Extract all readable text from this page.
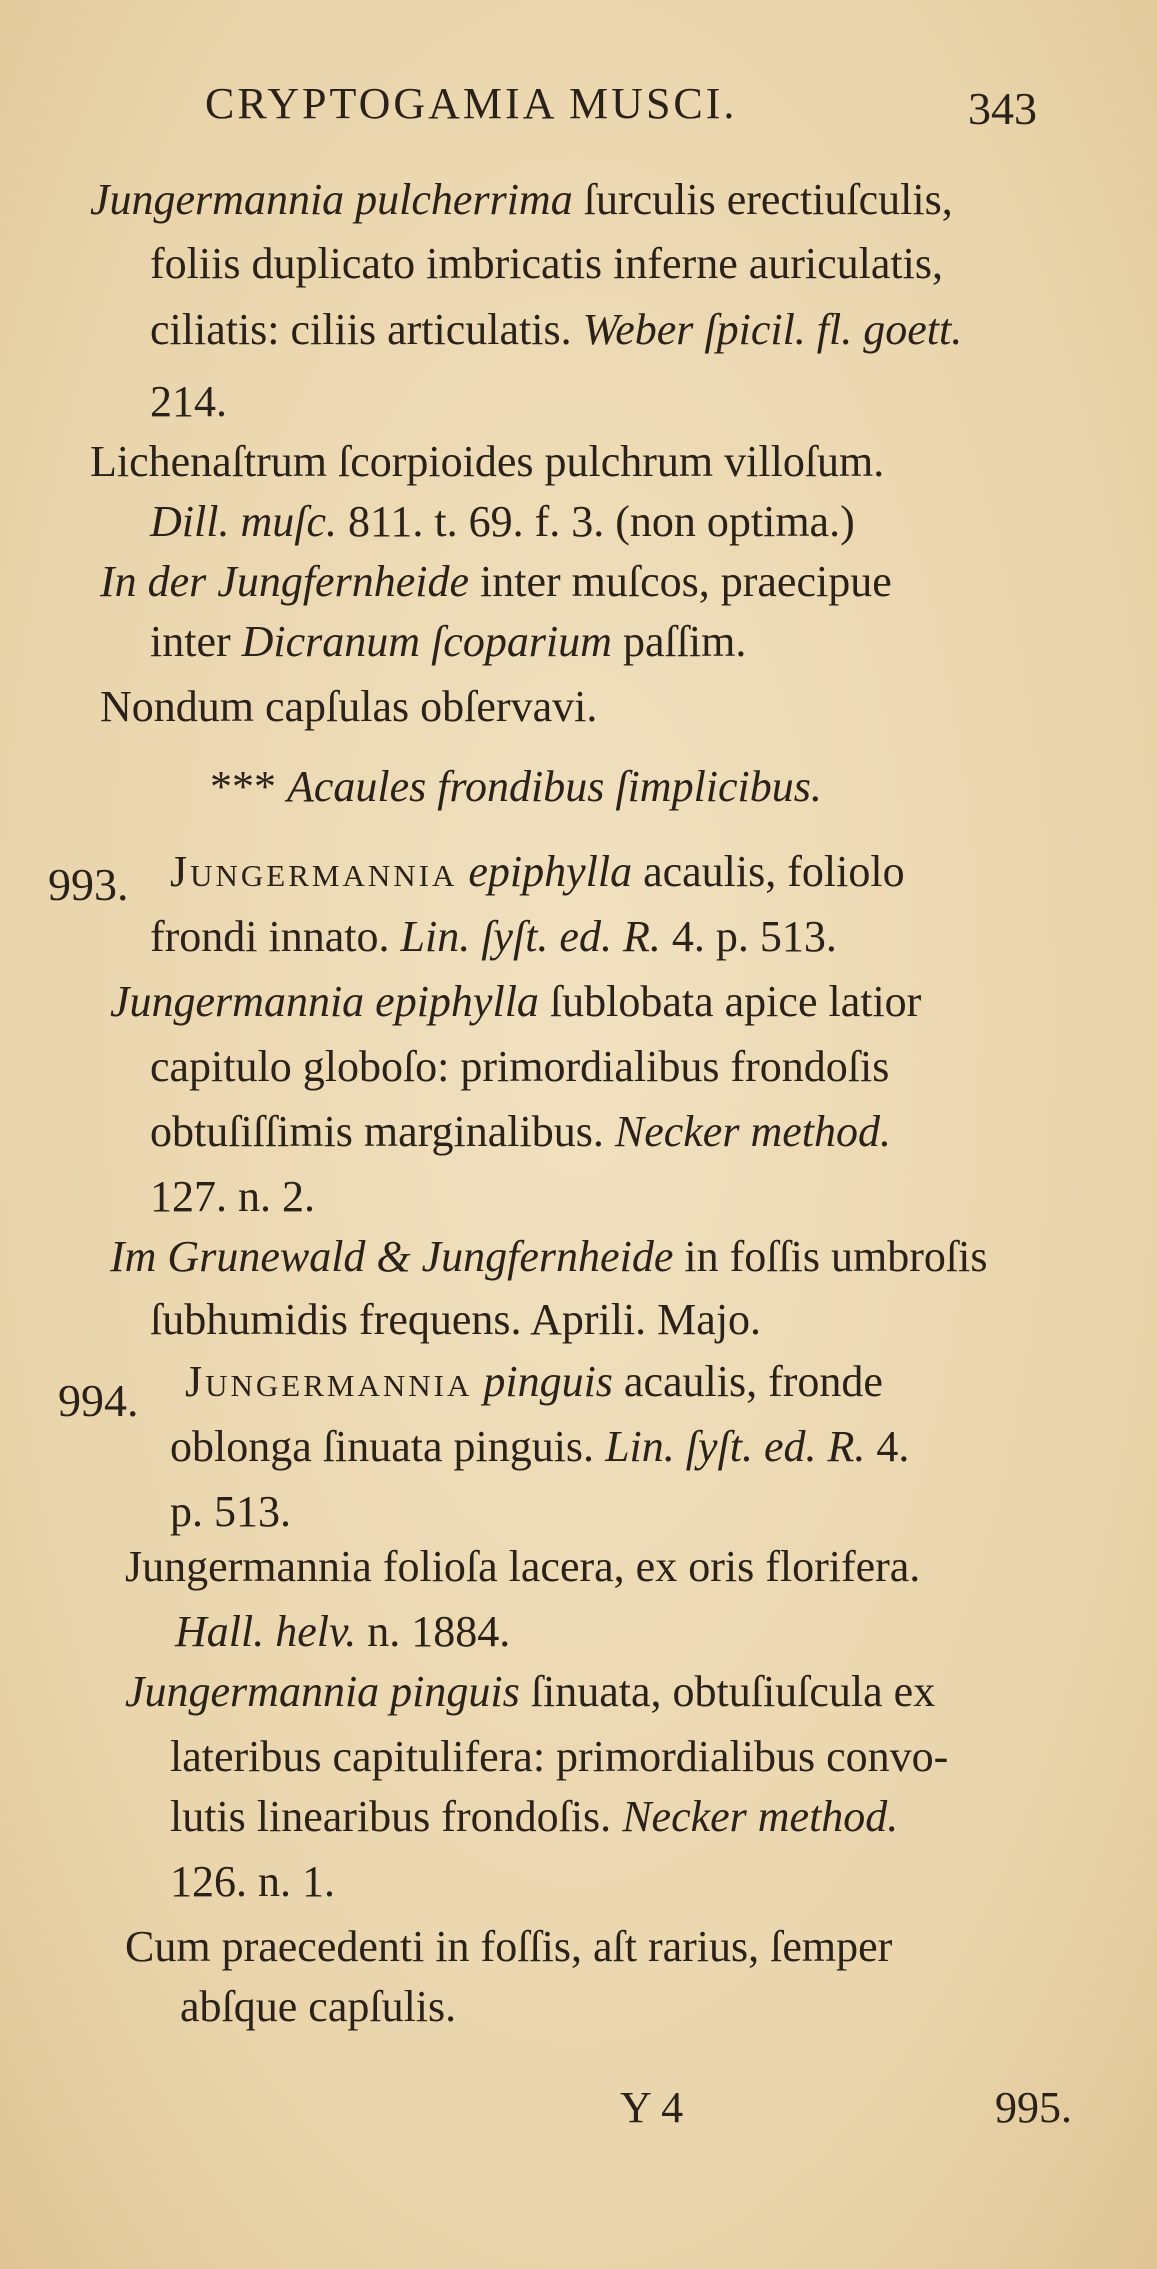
CRYPTOGAMIA MUSCI.	343
Jungermannia pulcherrima ſurculis erectiuſculis,
foliis duplicato imbricatis inferne auriculatis,
ciliatis: ciliis articulatis. Weber ſpicil. fl. goett.
214.
Lichenaſtrum ſcorpioides pulchrum villoſum.
Dill. muſc. 811. t. 69. f. 3. (non optima.)
In der Jungfernheide inter muſcos, praecipue
inter Dicranum ſcoparium paſſim.
Nondum capſulas obſervavi.
*** Acaules frondibus ſimplicibus.
Jungermannia epiphylla acaulis, foliolo
frondi innato. Lin. ſyſt. ed. R. 4. p. 513.
Jungermannia epiphylla ſublobata apice latior
capitulo globoſo: primordialibus frondoſis
obtuſiſſimis marginalibus. Necker method.
127. n. 2.
Im Grunewald & Jungfernheide in foſſis umbroſis
ſubhumidis frequens. Aprili. Majo.
Jungermannia pinguis acaulis, fronde
oblonga ſinuata pinguis. Lin. ſyſt. ed. R. 4.
p. 513.
Jungermannia folioſa lacera, ex oris florifera.
Hall. helv. n. 1884.
Jungermannia pinguis ſinuata, obtuſiuſcula ex
lateribus capitulifera: primordialibus convo-
lutis linearibus frondoſis. Necker method.
126. n. 1.
Cum praecedenti in foſſis, aſt rarius, ſemper
abſque capſulis.
993.
994.
Y 4	995.
